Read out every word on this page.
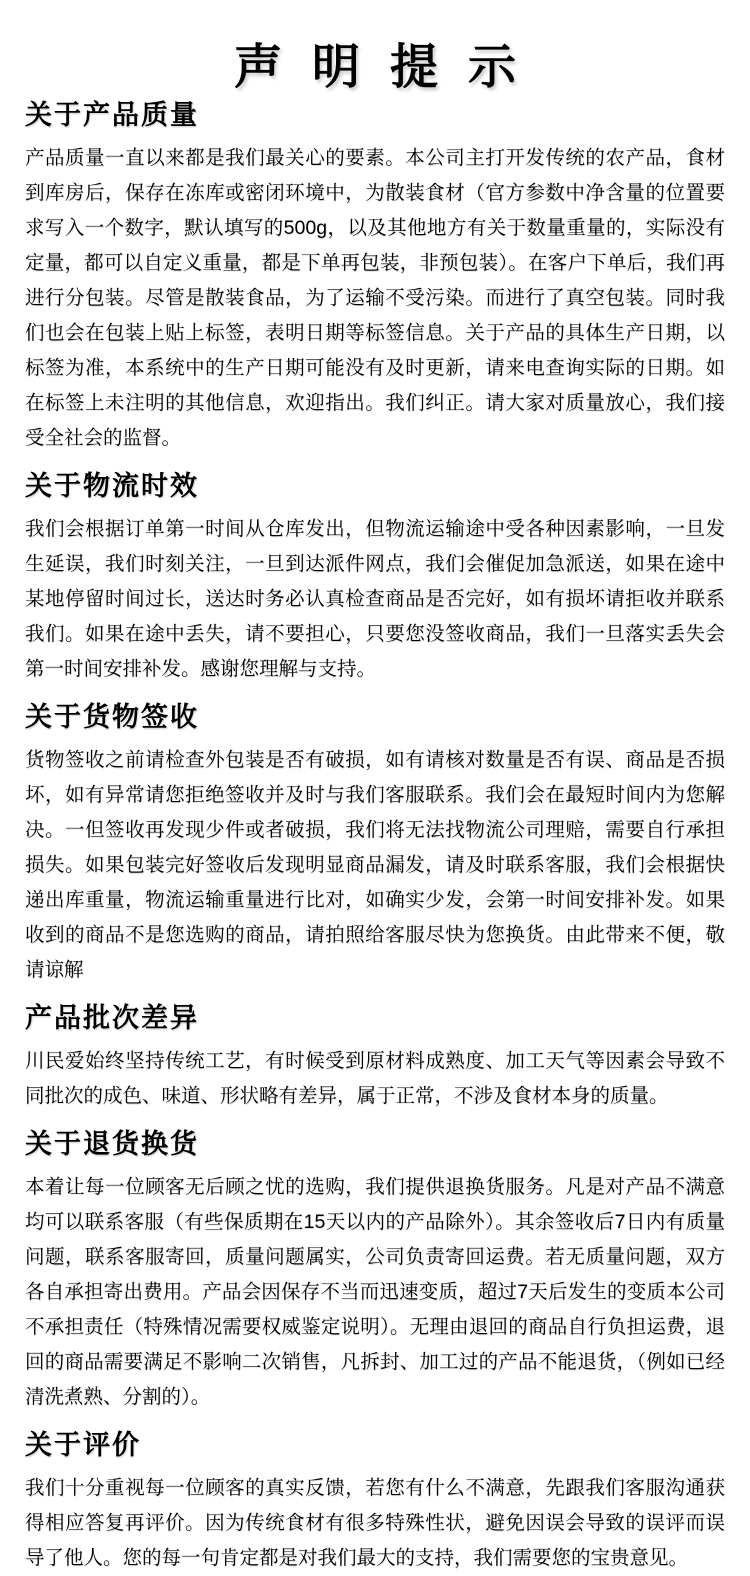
声明提示
关于产品质量

产品质量一直以来都是我们最关心的要素。本公司主打开发传统的农产品，食材到库房后，保存在冻库或密闭环境中，为散装食材（官方参数中净含量的位置要求写入一个数字，默认填写的500g，以及其他地方有关于数量重量的，实际没有定量，都可以自定义重量，都是下单再包装，非预包装）。在客户下单后，我们再进行分包装。尽管是散装食品，为了运输不受污染。而进行了真空包装。同时我们也会在包装上贴上标签，表明日期等标签信息。关于产品的具体生产日期，以标签为准，本系统中的生产日期可能没有及时更新，请来电查询实际的日期。如在标签上未注明的其他信息，欢迎指出。我们纠正。请大家对质量放心，我们接受全社会的监督。

关于物流时效

我们会根据订单第一时间从仓库发出，但物流运输途中受各种因素影响，一旦发生延误，我们时刻关注，一旦到达派件网点，我们会催促加急派送，如果在途中某地停留时间过长，送达时务必认真检查商品是否完好，如有损坏请拒收并联系我们。如果在途中丢失，请不要担心，只要您没签收商品，我们一旦落实丢失会第一时间安排补发。感谢您理解与支持。

关于货物签收

货物签收之前请检查外包装是否有破损，如有请核对数量是否有误、商品是否损坏，如有异常请您拒绝签收并及时与我们客服联系。我们会在最短时间内为您解决。一但签收再发现少件或者破损，我们将无法找物流公司理赔，需要自行承担损失。如果包装完好签收后发现明显商品漏发，请及时联系客服，我们会根据快递出库重量，物流运输重量进行比对，如确实少发，会第一时间安排补发。如果收到的商品不是您选购的商品，请拍照给客服尽快为您换货。由此带来不便，敬请谅解

产品批次差异

川民爱始终坚持传统工艺，有时候受到原材料成熟度、加工天气等因素会导致不同批次的成色、味道、形状略有差异，属于正常，不涉及食材本身的质量。

关于退货换货

本着让每一位顾客无后顾之忧的选购，我们提供退换货服务。凡是对产品不满意均可以联系客服（有些保质期在15天以内的产品除外）。其余签收后7日内有质量问题，联系客服寄回，质量问题属实，公司负责寄回运费。若无质量问题，双方各自承担寄出费用。产品会因保存不当而迅速变质，超过7天后发生的变质本公司不承担责任（特殊情况需要权威鉴定说明）。无理由退回的商品自行负担运费，退回的商品需要满足不影响二次销售，凡拆封、加工过的产品不能退货，（例如已经清洗煮熟、分割的）。

关于评价

我们十分重视每一位顾客的真实反馈，若您有什么不满意，先跟我们客服沟通获得相应答复再评价。因为传统食材有很多特殊性状，避免因误会导致的误评而误导了他人。您的每一句肯定都是对我们最大的支持，我们需要您的宝贵意见。
